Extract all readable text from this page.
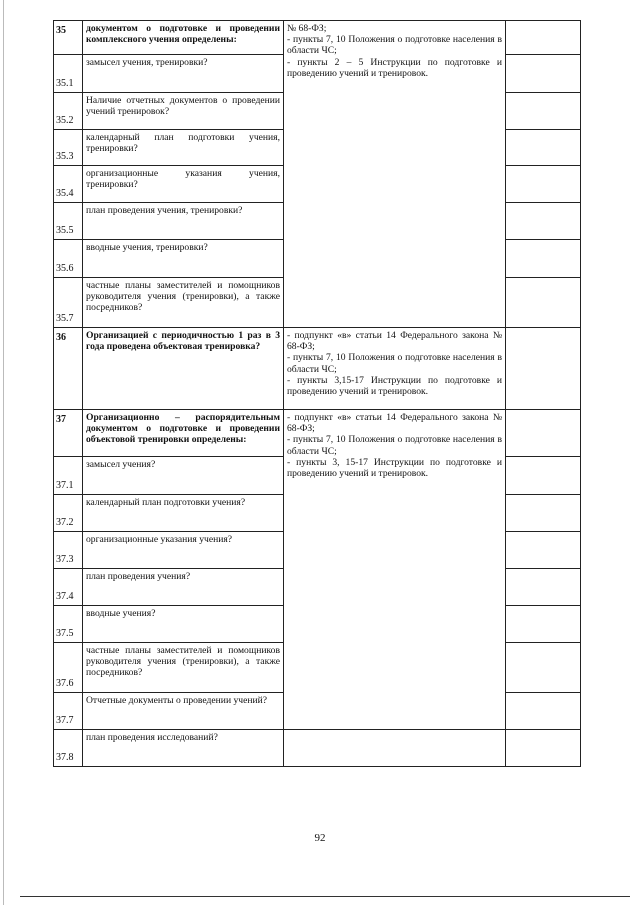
35	документом о подготовке и проведении комплексного учения определены:	№ 68-ФЗ;
- пункты 7, 10 Положения о подготовке населения в области ЧС;
- пункты 2 – 5 Инструкции по подготовке и проведению учений и тренировок.	

35.1	замысел учения, тренировки?		
35.2	Наличие отчетных документов о проведении учений тренировок?		
35.3	календарный план подготовки учения, тренировки?		
35.4	организационные указания учения, тренировки?		
35.5	план проведения учения, тренировки?		
35.6	вводные учения, тренировки?		
35.7	частные планы заместителей и помощников руководителя учения (тренировки), а также посредников?		
36	Организацией с периодичностью 1 раз в 3 года проведена объектовая тренировка?	- подпункт «в» статьи 14 Федерального закона № 68-ФЗ;
- пункты 7, 10 Положения о подготовке населения в области ЧС;
- пункты 3,15-17 Инструкции по подготовке и проведению учений и тренировок.	

37	Организационно – распорядительным документом о подготовке и проведении объектовой тренировки определены:	- подпункт «в» статьи 14 Федерального закона № 68-ФЗ;
- пункты 7, 10 Положения о подготовке населения в области ЧС;
- пункты 3, 15-17 Инструкции по подготовке и проведению учений и тренировок.	

37.1	замысел учения?		
37.2	календарный план подготовки учения?		
37.3	организационные указания учения?		
37.4	план проведения учения?		
37.5	вводные учения?		
37.6	частные планы заместителей и помощников руководителя учения (тренировки), а также посредников?		
37.7	Отчетные документы о проведении учений?		
37.8	план проведения исследований?		
92
